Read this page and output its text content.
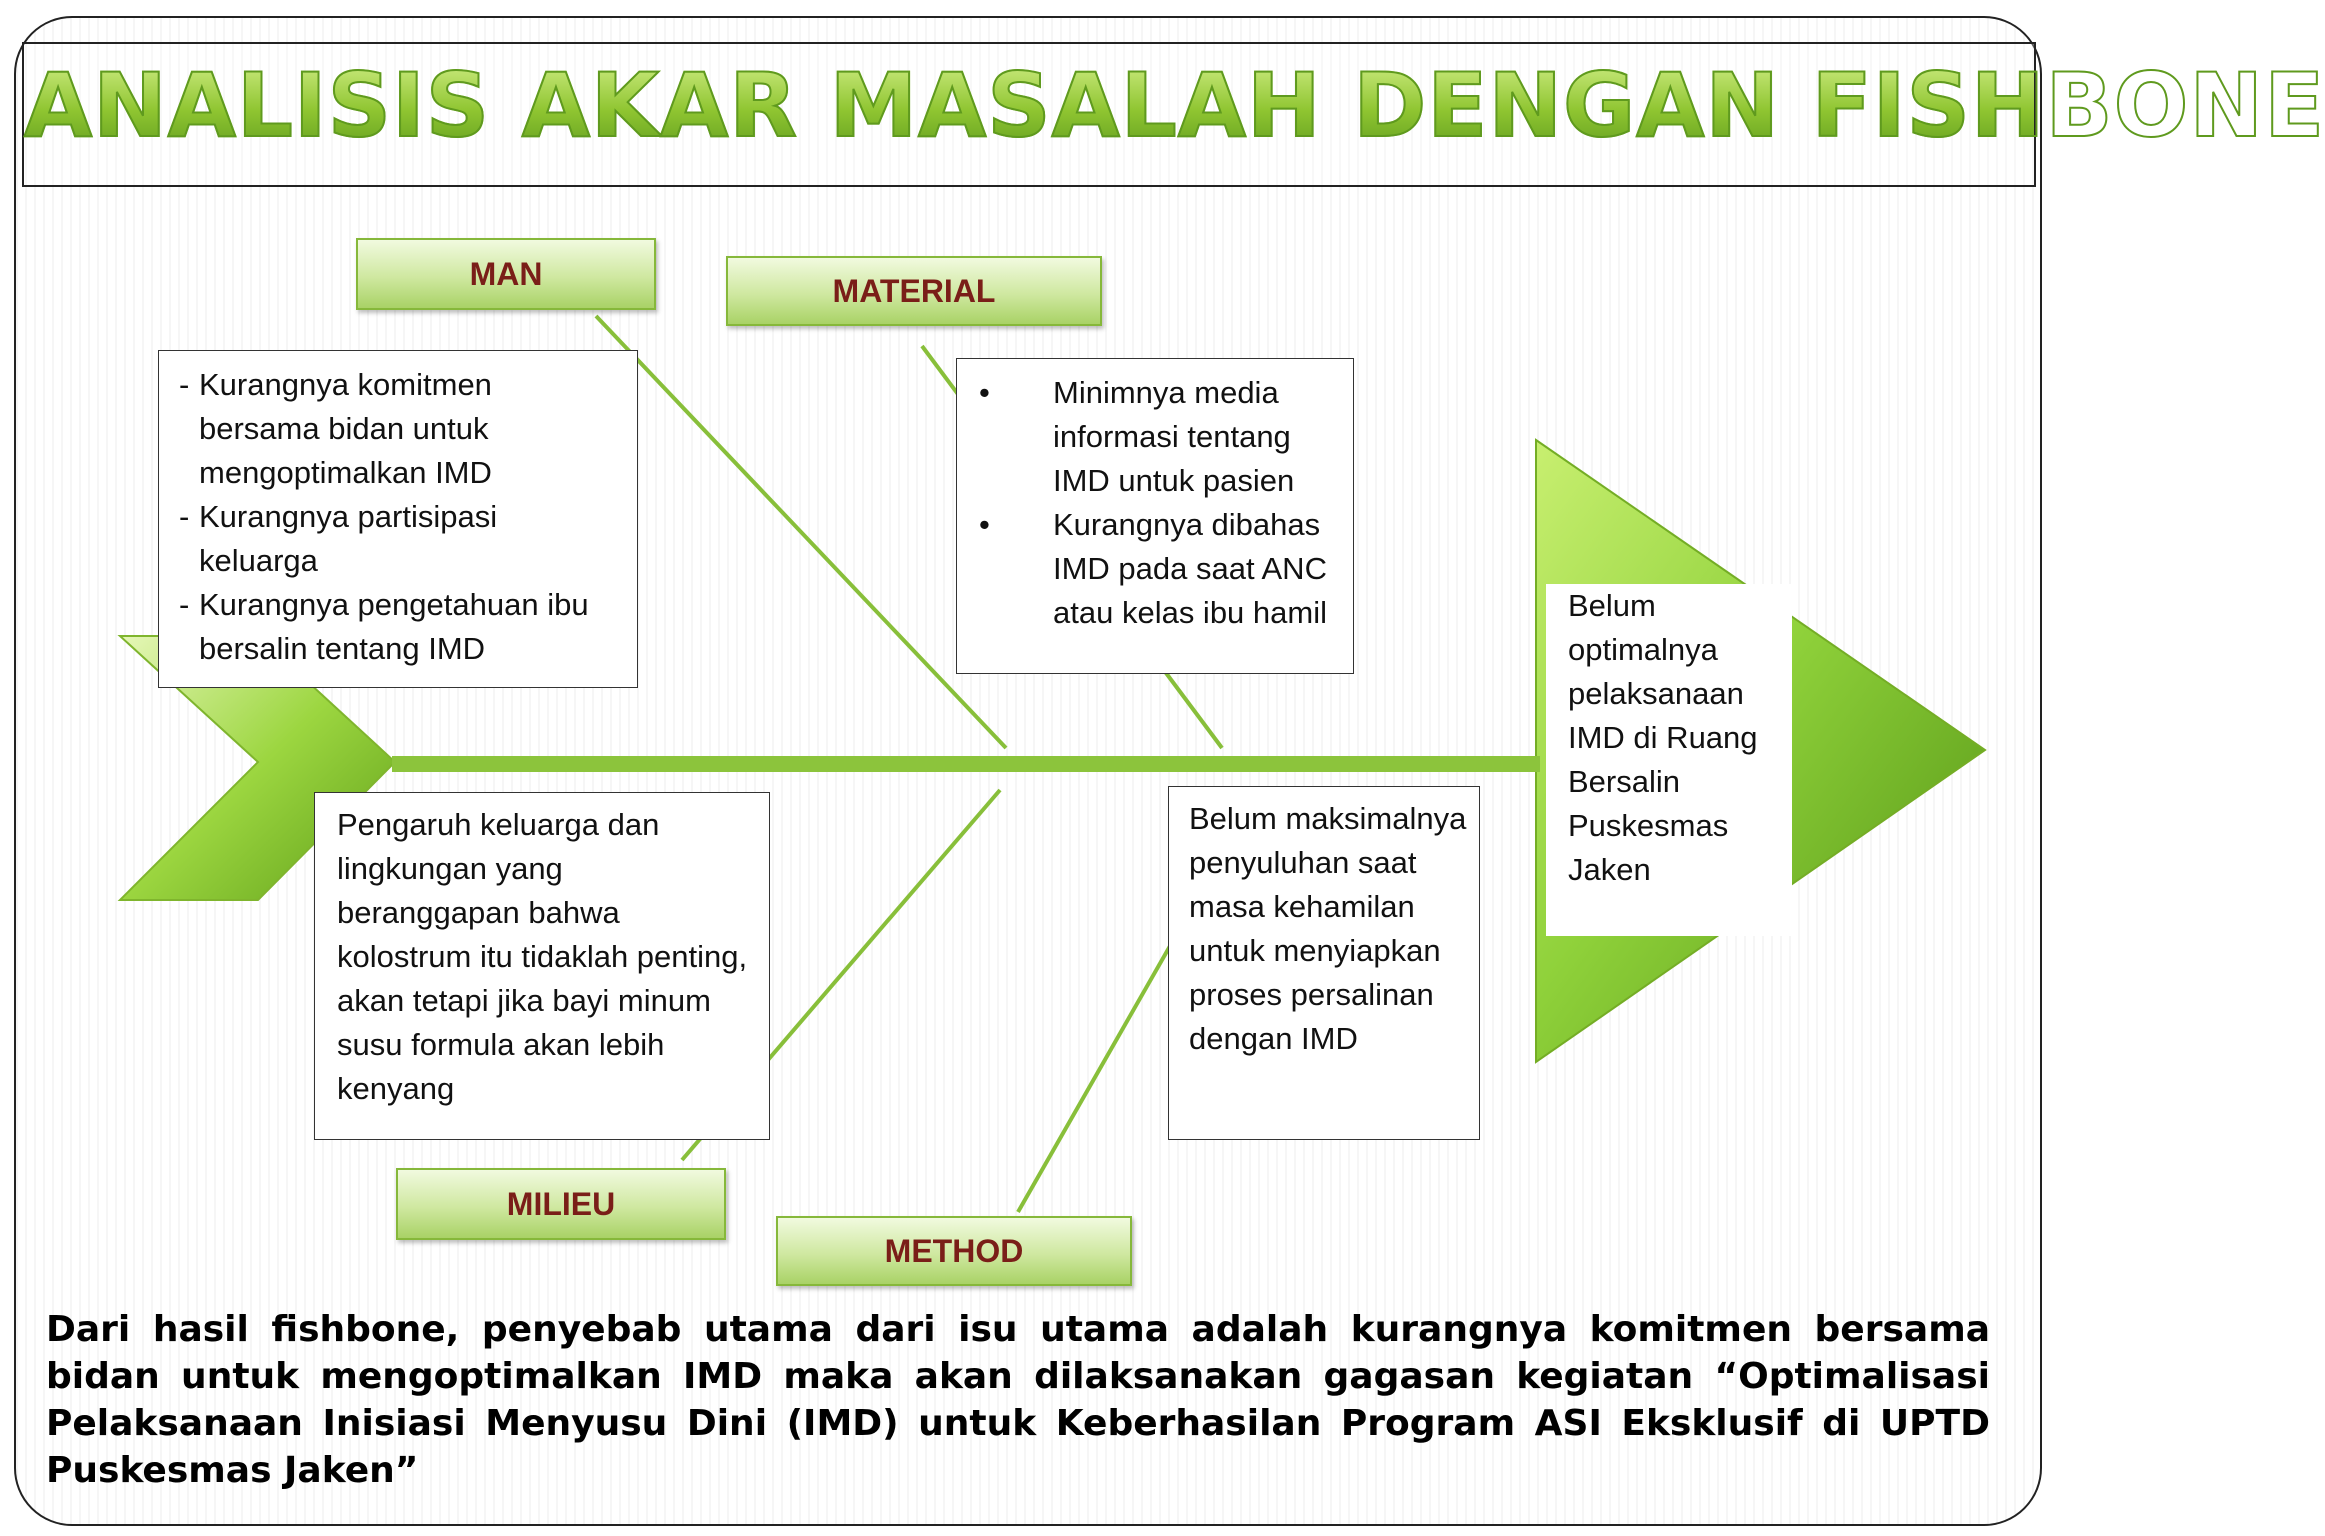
ANALISIS AKAR MASALAH DENGAN FISHBONE
MAN	MATERIAL
MILIEU
METHOD
- Kurangnya komitmen bersama bidan untuk mengoptimalkan IMD
- Kurangnya partisipasi keluarga
- Kurangnya pengetahuan ibu bersalin tentang IMD
• Minimnya media informasi tentang IMD untuk pasien
• Kurangnya dibahas IMD pada saat ANC atau kelas ibu hamil
Pengaruh keluarga dan lingkungan yang beranggapan bahwa kolostrum itu tidaklah penting, akan tetapi jika bayi minum susu formula akan lebih kenyang
Belum maksimalnya penyuluhan saat masa kehamilan untuk menyiapkan proses persalinan dengan IMD
Belum optimalnya pelaksanaan IMD di Ruang Bersalin Puskesmas Jaken
Dari hasil fishbone, penyebab utama dari isu utama adalah kurangnya komitmen bersama bidan untuk mengoptimalkan IMD maka akan dilaksanakan gagasan kegiatan “Optimalisasi Pelaksanaan Inisiasi Menyusu Dini (IMD) untuk Keberhasilan Program ASI Eksklusif di UPTD Puskesmas Jaken”
